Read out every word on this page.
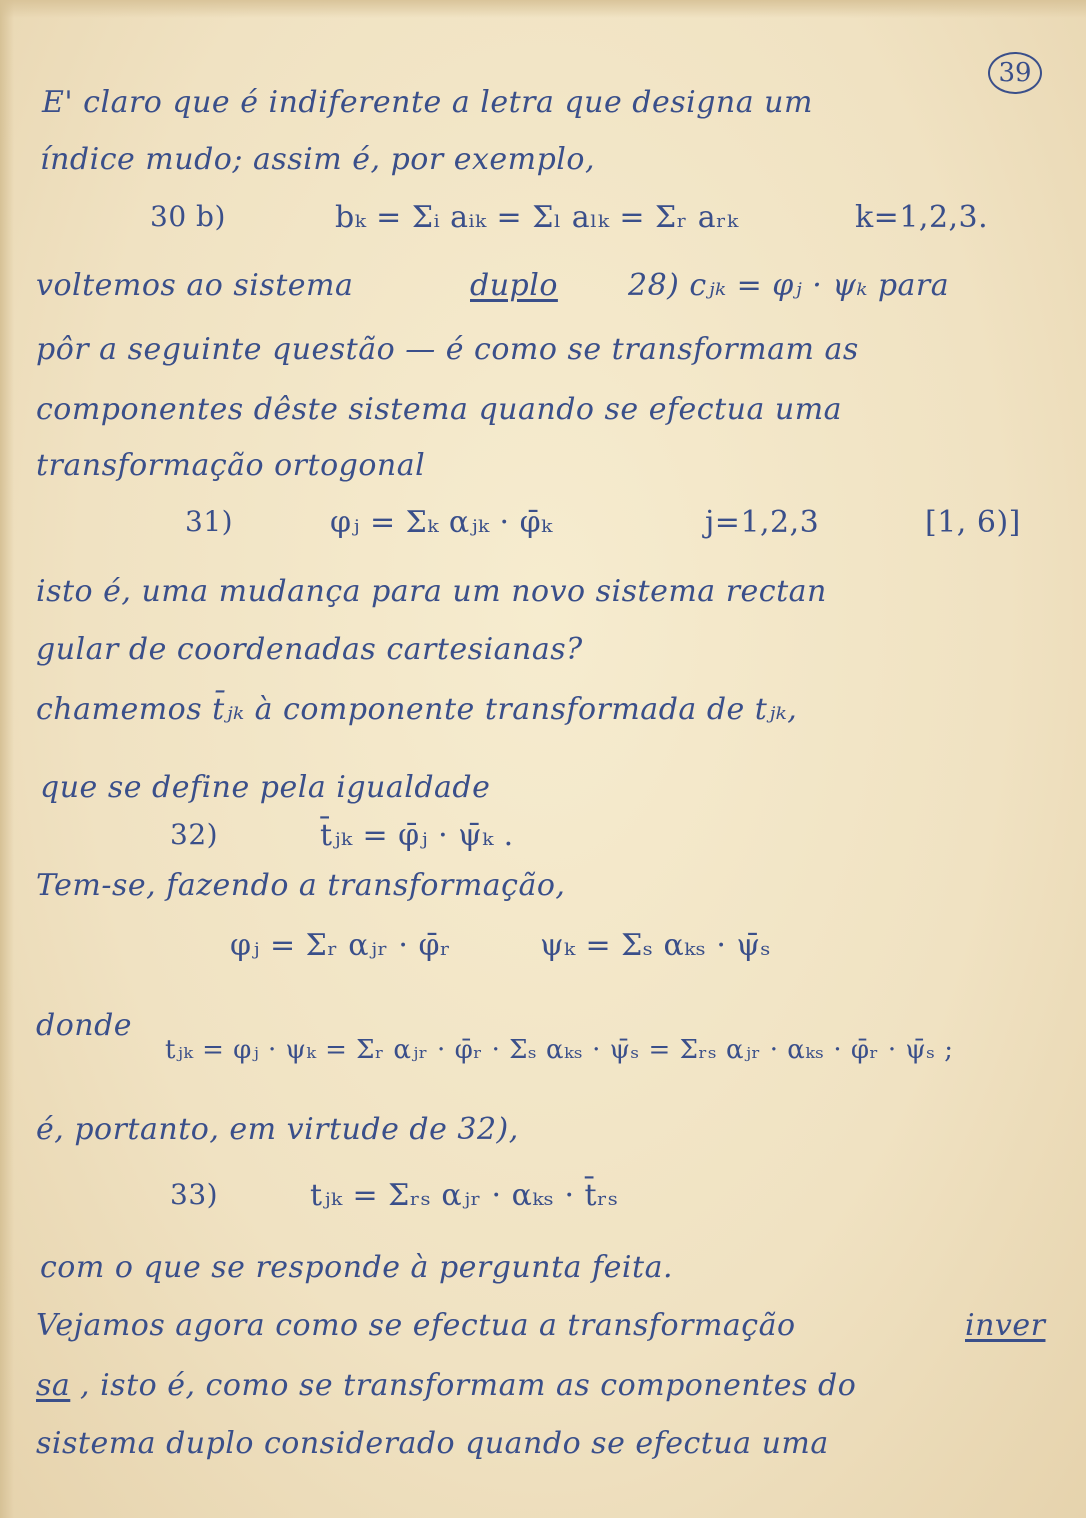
39
E' claro que é indiferente a letra que designa um
índice mudo; assim é, por exemplo,
30 b)	bₖ = Σᵢ aᵢₖ = Σₗ aₗₖ = Σᵣ aᵣₖ	k=1,2,3.
voltemos ao sistema	duplo 28) cⱼₖ = φⱼ · ψₖ para
pôr a seguinte questão — é como se transformam as
componentes dêste sistema quando se efectua uma
transformação ortogonal
31)	φⱼ = Σₖ αⱼₖ · φ̄ₖ	j=1,2,3	[1, 6)]
isto é, uma mudança para um novo sistema rectan
gular de coordenadas cartesianas?
chamemos t̄ⱼₖ à componente transformada de tⱼₖ,
que se define pela igualdade
32)	t̄ⱼₖ = φ̄ⱼ · ψ̄ₖ .
Tem-se, fazendo a transformação,
φⱼ = Σᵣ αⱼᵣ · φ̄ᵣ	ψₖ = Σₛ αₖₛ · ψ̄ₛ
donde
tⱼₖ = φⱼ · ψₖ = Σᵣ αⱼᵣ · φ̄ᵣ · Σₛ αₖₛ · ψ̄ₛ = Σᵣₛ αⱼᵣ · αₖₛ · φ̄ᵣ · ψ̄ₛ ;
é, portanto, em virtude de 32),
33)	tⱼₖ = Σᵣₛ αⱼᵣ · αₖₛ · t̄ᵣₛ
com o que se responde à pergunta feita.
Vejamos agora como se efectua a transformação	inver
sa , isto é, como se transformam as componentes do
sistema duplo considerado quando se efectua uma
